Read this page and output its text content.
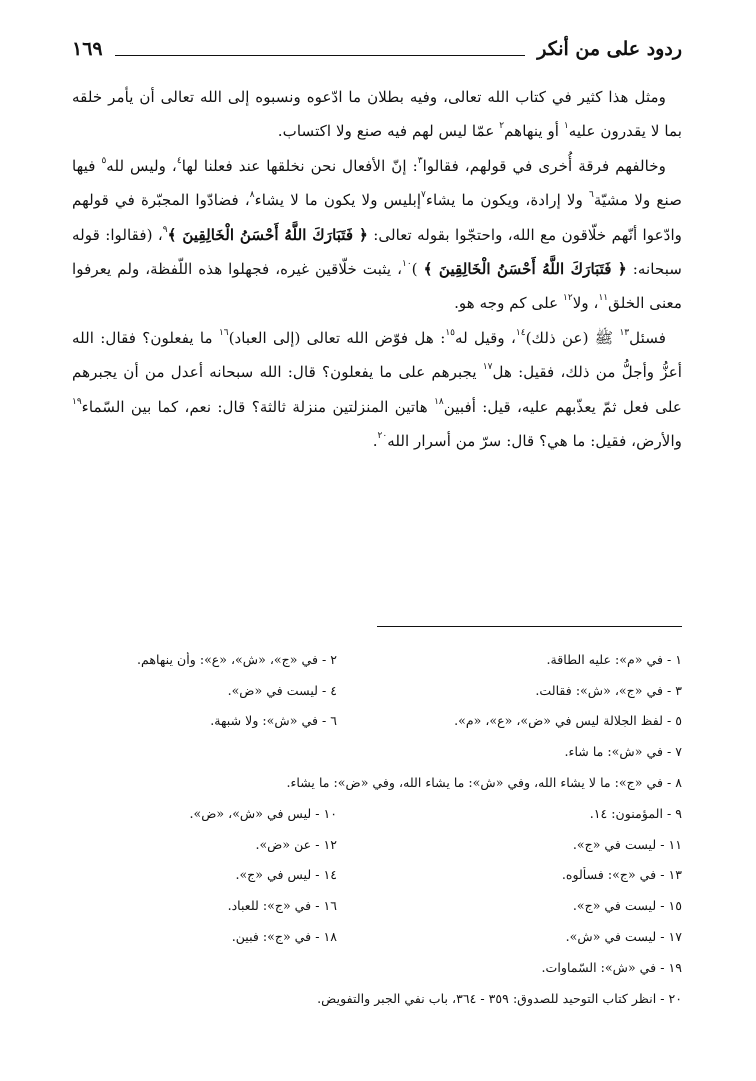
ردود على من أنكر
١٦٩

ومثل هذا كثير في كتاب الله تعالى، وفيه بطلان ما ادّعوه ونسبوه إلى الله تعالى أن يأمر خلقه بما لا يقدرون عليه$^١$ أو ينهاهم$^٢$ عمّا ليس لهم فيه صنع ولا اكتساب.

وخالفهم فرقة أُخرى في قولهم، فقالوا$^٣$: إنّ الأفعال نحن نخلقها عند فعلنا لها$^٤$، وليس لله$^٥$ فيها صنع ولا مشيّة$^٦$ ولا إرادة، ويكون ما يشاء$^٧$إبليس ولا يكون ما لا يشاء$^٨$، فضادّوا المجبّرة في قولهم وادّعوا أنّهم خلّاقون مع الله، واحتجّوا بقوله تعالى: ﴿ فَتَبَارَكَ اللَّهُ أَحْسَنُ الْخَالِقِينَ ﴾$^٩$، (فقالوا: قوله سبحانه: ﴿ فَتَبَارَكَ اللَّهُ أَحْسَنُ الْخَالِقِينَ ﴾ )$^{١٠}$، يثبت خلّاقين غيره، فجهلوا هذه اللّفظة، ولم يعرفوا معنى الخلق$^{١١}$، ولا$^{١٢}$ على كم وجه هو.

فسئل$^{١٣}$ ﷺ (عن ذلك)$^{١٤}$، وقيل له$^{١٥}$: هل فوّض الله تعالى (إلى العباد)$^{١٦}$ ما يفعلون؟ فقال: الله أعزُّ وأجلُّ من ذلك، فقيل: هل$^{١٧}$ يجبرهم على ما يفعلون؟ قال: الله سبحانه أعدل من أن يجبرهم على فعل ثمّ يعذّبهم عليه، قيل: أفبين$^{١٨}$ هاتين المنزلتين منزلة ثالثة؟ قال: نعم، كما بين السّماء$^{١٩}$ والأرض، فقيل: ما هي؟ قال: سرّ من أسرار الله$^{٢٠}$.

١ - في «م»: عليه الطاقة.
٢ - في «ج»، «ش»، «ع»: وأن ينهاهم.
٣ - في «ج»، «ش»: فقالت.
٤ - ليست في «ض».
٥ - لفظ الجلالة ليس في «ض»، «ع»، «م».
٦ - في «ش»: ولا شبهة.
٧ - في «ش»: ما شاء.
٨ - في «ج»: ما لا يشاء الله، وفي «ش»: ما يشاء الله، وفي «ض»: ما يشاء.
٩ - المؤمنون: ١٤.
١٠ - ليس في «ش»، «ض».
١١ - ليست في «ج».
١٢ - عن «ض».
١٣ - في «ج»: فسألوه.
١٤ - ليس في «ج».
١٥ - ليست في «ج».
١٦ - في «ج»: للعباد.
١٧ - ليست في «ش».
١٨ - في «ج»: فبين.
١٩ - في «ش»: السّماوات.
٢٠ - انظر كتاب التوحيد للصدوق: ٣٥٩ - ٣٦٤، باب نفي الجبر والتفويض.
